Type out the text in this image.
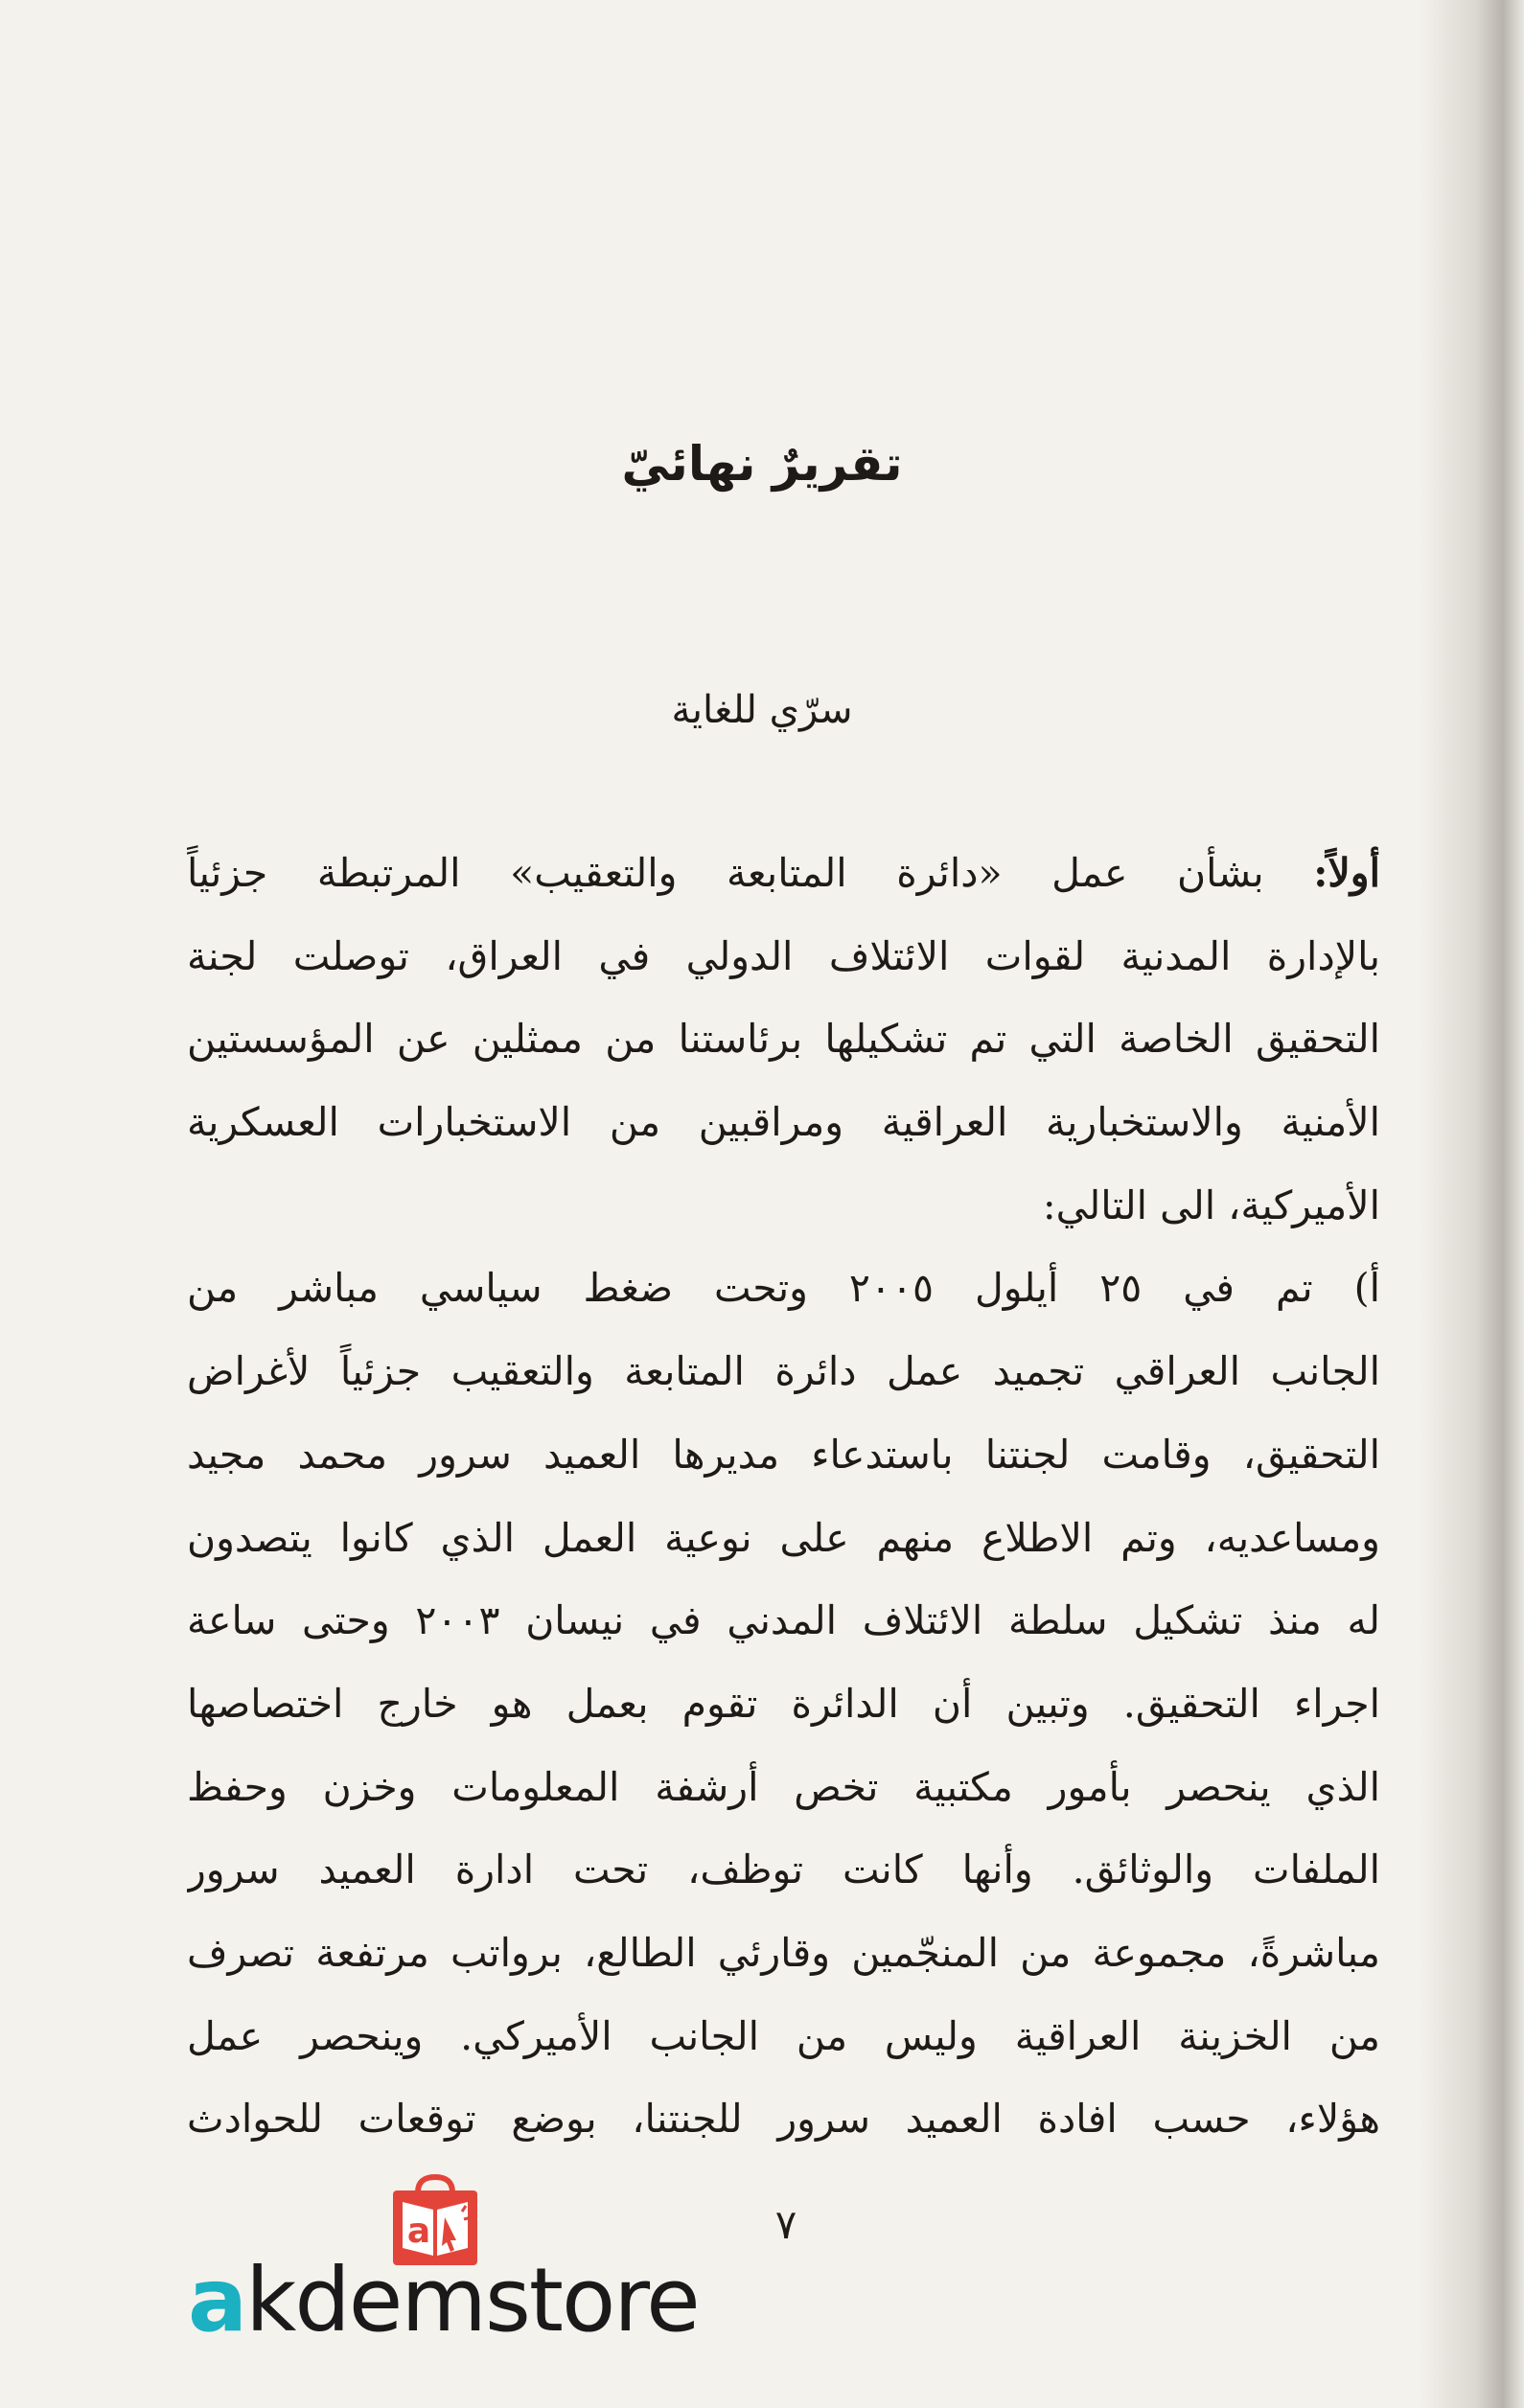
تقريرٌ نهائيّ
سرّي للغاية
أولاً: بشأن عمل «دائرة المتابعة والتعقيب» المرتبطة جزئياً
بالإدارة المدنية لقوات الائتلاف الدولي في العراق، توصلت لجنة
التحقيق الخاصة التي تم تشكيلها برئاستنا من ممثلين عن المؤسستين
الأمنية والاستخبارية العراقية ومراقبين من الاستخبارات العسكرية
الأميركية، الى التالي:
أ) تم في ٢٥ أيلول ٢٠٠٥ وتحت ضغط سياسي مباشر من
الجانب العراقي تجميد عمل دائرة المتابعة والتعقيب جزئياً لأغراض
التحقيق، وقامت لجنتنا باستدعاء مديرها العميد سرور محمد مجيد
ومساعديه، وتم الاطلاع منهم على نوعية العمل الذي كانوا يتصدون
له منذ تشكيل سلطة الائتلاف المدني في نيسان ٢٠٠٣ وحتى ساعة
اجراء التحقيق. وتبين أن الدائرة تقوم بعمل هو خارج اختصاصها
الذي ينحصر بأمور مكتبية تخص أرشفة المعلومات وخزن وحفظ
الملفات والوثائق. وأنها كانت توظف، تحت ادارة العميد سرور
مباشرةً، مجموعة من المنجّمين وقارئي الطالع، برواتب مرتفعة تصرف
من الخزينة العراقية وليس من الجانب الأميركي. وينحصر عمل
هؤلاء، حسب افادة العميد سرور للجنتنا، بوضع توقعات للحوادث
٧
a
akdemstore
